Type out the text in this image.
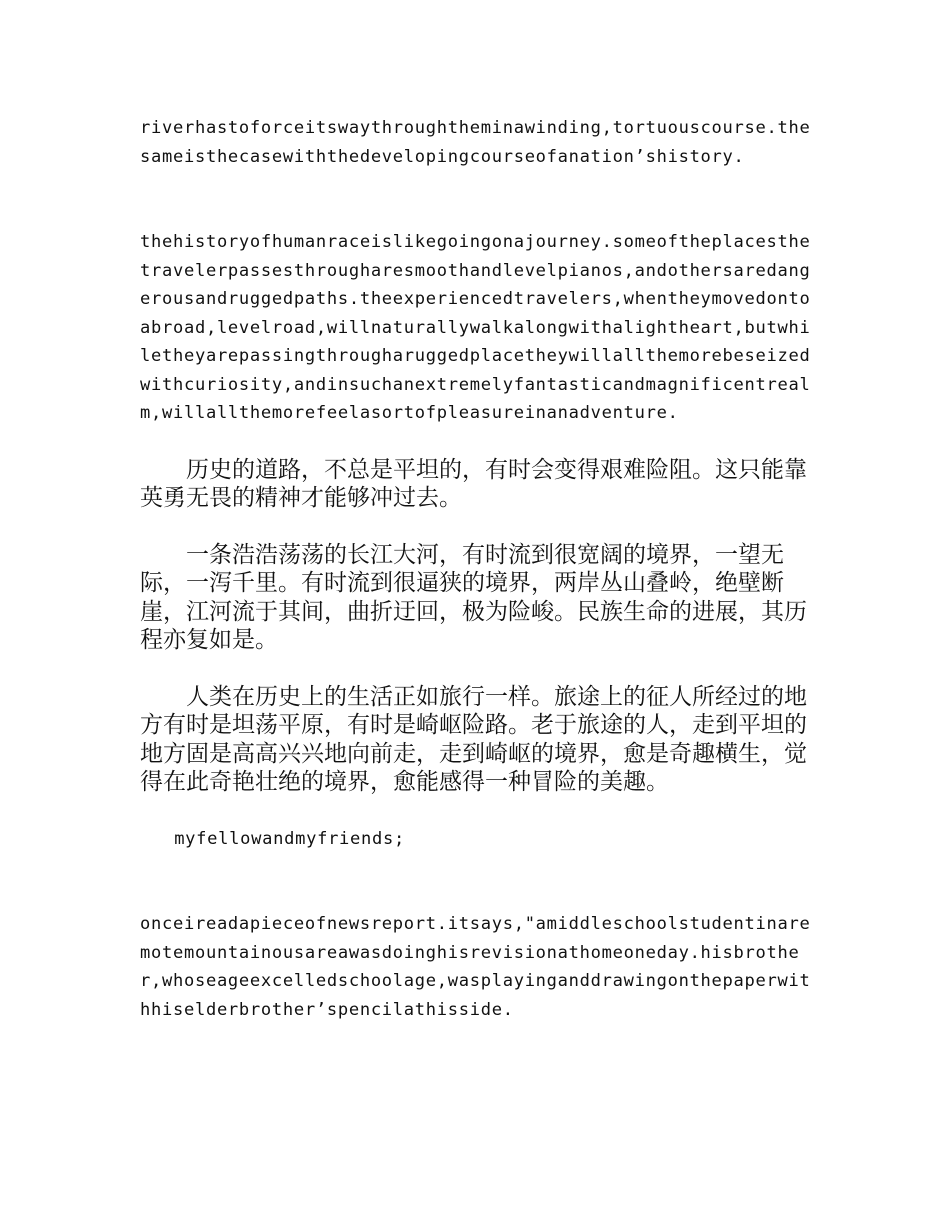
riverhastoforceitswaythroughtheminawinding,tortuouscourse.thesameisthecasewiththedevelopingcourseofanation’shistory.

thehistoryofhumanraceislikegoingonajourney.someoftheplacesthetravelerpassesthrougharesmoothandlevelpianos,andothersaredangerousandruggedpaths.theexperiencedtravelers,whentheymovedontoabroad,levelroad,willnaturallywalkalongwithalightheart,butwhiletheyarepassingthrougharuggedplacetheywillallthemorebeseizedwithcuriosity,andinsuchanextremelyfantasticandmagnificentrealm,willallthemorefeelasortofpleasureinanadventure.

历史的道路，不总是平坦的，有时会变得艰难险阻。这只能靠英勇无畏的精神才能够冲过去。

一条浩浩荡荡的长江大河，有时流到很宽阔的境界，一望无际，一泻千里。有时流到很逼狭的境界，两岸丛山叠岭，绝壁断崖，江河流于其间，曲折迂回，极为险峻。民族生命的进展，其历程亦复如是。

人类在历史上的生活正如旅行一样。旅途上的征人所经过的地方有时是坦荡平原，有时是崎岖险路。老于旅途的人，走到平坦的地方固是高高兴兴地向前走，走到崎岖的境界，愈是奇趣横生，觉得在此奇艳壮绝的境界，愈能感得一种冒险的美趣。

myfellowandmyfriends;

onceireadapieceofnewsreport.itsays,"amiddleschoolstudentinaremotemountainousareawasdoinghisrevisionathomeoneday.hisbrother,whoseageexcelledschoolage,wasplayinganddrawingonthepaperwithhiselderbrother’spencilathisside.
